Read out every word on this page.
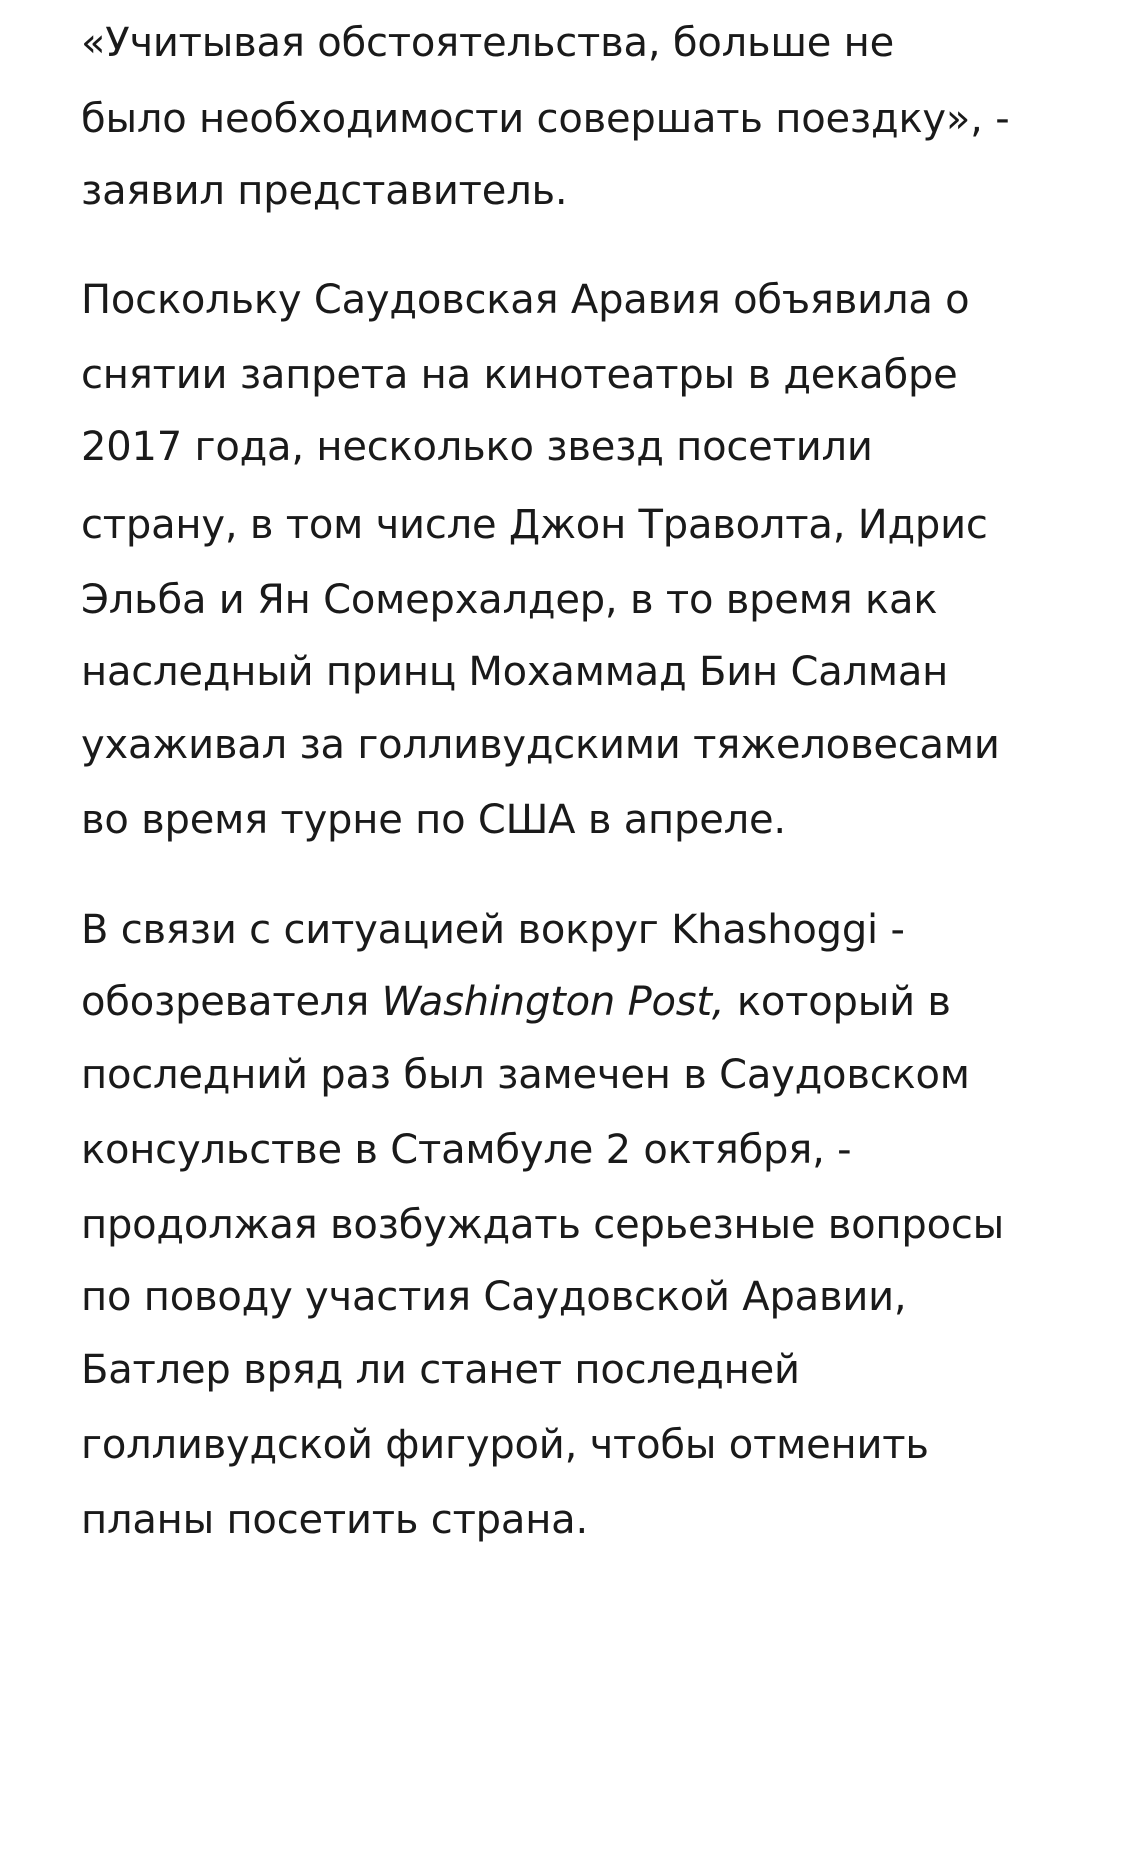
«Учитывая обстоятельства, больше не
было необходимости совершать поездку», -
заявил представитель.
Поскольку Саудовская Аравия объявила о
снятии запрета на кинотеатры в декабре
2017 года, несколько звезд посетили
страну, в том числе Джон Траволта, Идрис
Эльба и Ян Сомерхалдер, в то время как
наследный принц Мохаммад Бин Салман
ухаживал за голливудскими тяжеловесами
во время турне по США в апреле.
В связи с ситуацией вокруг Khashoggi -
обозревателя Washington Post, который в
последний раз был замечен в Саудовском
консульстве в Стамбуле 2 октября, -
продолжая возбуждать серьезные вопросы
по поводу участия Саудовской Аравии,
Батлер вряд ли станет последней
голливудской фигурой, чтобы отменить
планы посетить страна.
